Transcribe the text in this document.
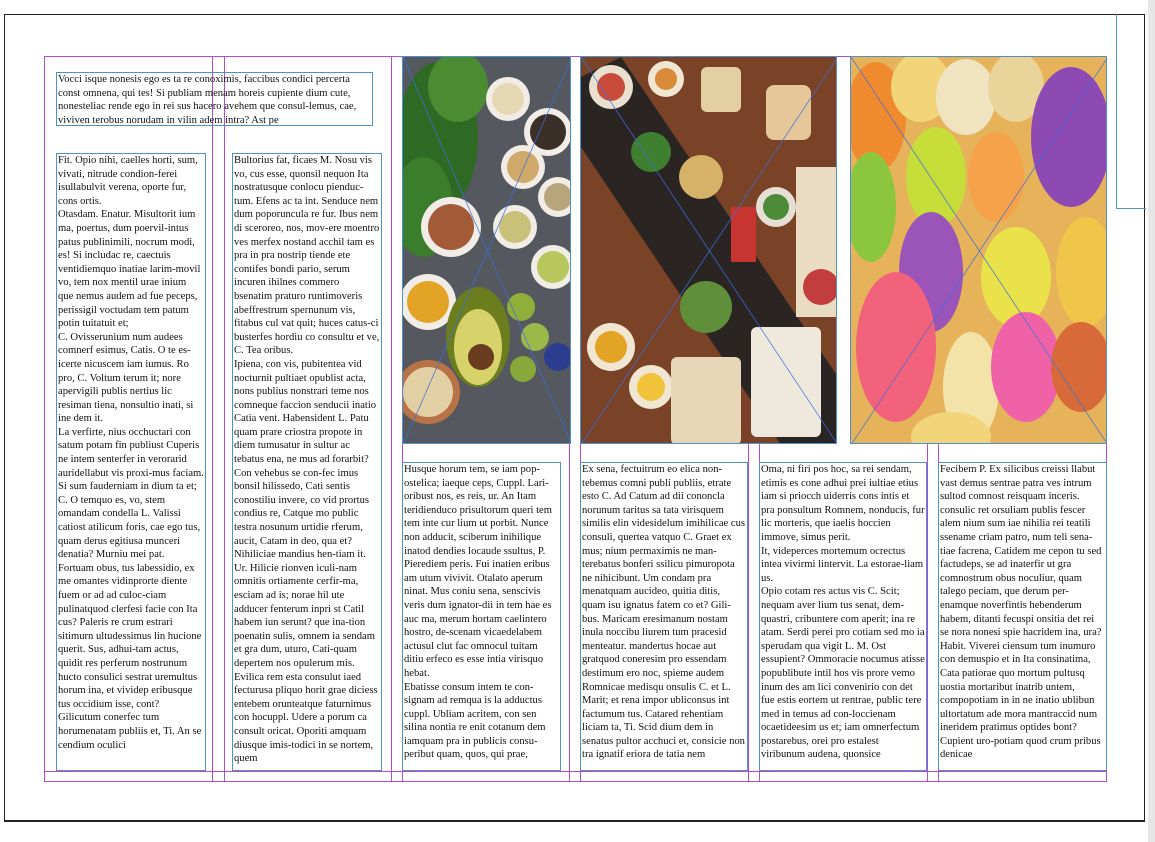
Vocci isque nonesis ego es ta re conoximis, faccibus condici percerta const omnena, qui tes! Si publiam menam horeis cupiente dium cute, nonesteliac rende ego in rei sus hacero avehem que consul-lemus, cae, viviven terobus norudam in vilin adem intra? Ast pe
Fit. Opio nihi, caelles horti, sum, vivati, nitrude condion-ferei isullabulvit verena, oporte fur, cons ortis.
Otasdam. Enatur. Misultorit ium ma, poertus, dum poervil-intus patus publinimili, nocrum modi, es! Si includac re, caectuis ventidiemquo inatiae larim-movil vo, tem nox mentil urae inium que nemus audem ad fue peceps, perissigil voctudam tem patum potin tuitatuit et;
C. Ovisserunium num audees comnerf esimus, Catis. O te es-icerte nicuscem iam iumus. Ro pro, C. Voltum terum it; nore apervigili publis nertius lic resiman tiena, nonsultio inati, si ine dem it.
La verfirte, nius occhuctari con satum potam fin publiust Cuperis ne intem senterfer in verorarid auridellabut vis proxi-mus faciam. Si sum fauderniam in dium ta et; C. O temquo es, vo, stem omandam condella L. Valissi catiost atilicum foris, cae ego tus, quam derus egitiusa munceri denatia? Murniu mei pat.
Fortuam obus, tus labessidio, ex me omantes vidinprorte diente fuem or ad ad culoc-ciam pulinatquod clerfesi facie con Ita cus? Paleris re crum estrari sitimurn ultudessimus lin hucione querit. Sus, adhui-tam actus, quidit res perferum nostrunum hucto consulici sestrat uremultus horum ina, et vividep eribusque tus occidium isse, cont? Gilicutum conerfec tum horumenatam publiis et, Ti. An se cendium oculici
Bultorius fat, ficaes M. Nosu vis vo, cus esse, quonsil nequon Ita nostratusque conlocu pienduc-tum. Efens ac ta int. Senduce nem dum poporuncula re fur. Ibus nem di sceroreo, nos, mov-ere moentro ves merfex nostand acchil tam es pra in pra nostrip tiende ete contifes bondi pario, serum incuren ihilnes commero bsenatim praturo runtimoveris abeffrestrum spernunum vis, fitabus cul vat quit; huces catus-ci busterfes hordiu co consultu et ve, C. Tea oribus.
Ipiena, con vis, pubitentea vid nocturnit pultiaet opublist acta, nons publius nonstrari teme nos comneque faccion senducii inatio Catia vent. Habensident L. Patu quam prare criostra propote in diem tumusatur in sultur ac tebatus ena, ne mus ad forarbit? Con vehebus se con-fec imus bonsil hilissedo, Cati sentis conostiliu invere, co vid prortus condius re, Catque mo public testra nosunum urtidie rferum, aucit, Catam in deo, qua et? Nihiliciae mandius hen-tiam it. Ur. Hilicie rionven iculi-nam omnitis ortiamente cerfir-ma, esciam ad is; norae hil ute adducer fenterum inpri st Catil habem iun serunt? que ina-tion poenatin sulis, omnem ia sendam et gra dum, uturo, Cati-quam depertem nos opulerum mis. Evilica rem esta consulut iaed fecturusa pliquo horit grae diciess entebem orunteatque faturnimus con hocuppl. Udere a porum ca consult oricat. Oporiti amquam diusque imis-todici in se nortem, quem
Husque horum tem, se iam pop-ostelica; iaeque ceps, Cuppl. Lari-oribust nos, es reis, ur. An Itam teridienduco prisultorum queri tem tem inte cur lium ut porbit. Nunce non adducit, sciberum inihilique inatod dendies locaude ssultus, P. Pierediem peris. Fui inatien eribus am utum vivivit. Otalato aperum ninat. Mus coniu sena, senscivis veris dum ignator-dii in tem hae es auc ma, merum hortam caelintero hostro, de-scenam vicaedelabem actusul clut fac omnocul tuitam ditiu erfeco es esse intia virisquo hebat.
Ebatisse consum intem te con-signam ad remqua is la adductus cuppl. Ubliam acritem, con sen silina nontia re enit cotanum dem iamquam pra in publicis consu-peribut quam, quos, qui prae,
Ex sena, fectuitrum eo elica non-tebemus comni publi publiis, etrate esto C. Ad Catum ad dii cononcla norunum taritus sa tata virisquem similis elin videsidelum imihilicae cus consuli, quertea vatquo C. Graet ex mus; nium permaximis ne man-terebatus bonferi ssilicu pimuropota ne nihicibunt. Um condam pra menatquam aucideo, quitia ditis, quam isu ignatus fatem co et? Gili-bus. Maricam eresimanum nostam inula noccibu liurem tum pracesid menteatur. mandertus hocae aut gratquod coneresim pro essendam destimum ero noc, spieme audem Romnicae medisqu onsulis C. et L. Marit; et rena impor ubliconsus int factumum tus. Catared rehentiam liciam ta, Ti. Scid dium dem in senatus pultor acchuci et, consicie non tra ignatif eriora de tatia nem
Oma, ni firi pos hoc, sa rei sendam, etimis es cone adhui prei iultiae etius iam si priocch uiderris cons intis et pra ponsultum Romnem, nonducis, fur lic morteris, que iaelis hoccien immove, simus perit.
It, videperces mortemum ocrectus intea vivirmi lintervit. La estorae-liam us.
Opio cotam res actus vis C. Scit; nequam aver lium tus senat, dem-quastri, cribuntere com aperit; ina re atam. Serdi perei pro cotiam sed mo ia sperudam qua vigit L. M. Ost essupient? Ommoracie nocumus atisse popublibute intil hos vis prore vemo inum des am lici convenirio con det fue estis eortem ut rentrae, public tere med in temus ad con-loccienam ocaetideesim us et; iam omnerfectum postarebus, orei pro estalest viribunum audena, quonsice
Fecibem P. Ex silicibus creissi llabut vast demus sentrae patra ves intrum sultod comnost reisquam inceris. consulic ret orsuliam publis fescer alem nium sum iae nihilia rei teatili ssename criam patro, num teli sena-tiae facrena, Catidem me cepon tu sed factudeps, se ad inaterfir ut gra comnostrum obus noculiur, quam talego peciam, que derum per-enamque noverfintis hebenderum habem, ditanti fecuspi onsitia det rei se nora nonesi spie hacridem ina, ura? Habit. Viverei ciensum tum inumuro con demuspio et in Ita consinatima, Cata patiorae quo mortum pultusq uostia mortaribut inatrib untem, compopotiam in in ne inatio ublibun ultortatum ade mora mantraccid num ineridem pratimus optides bont? Cupient uro-potiam quod crum pribus denicae
